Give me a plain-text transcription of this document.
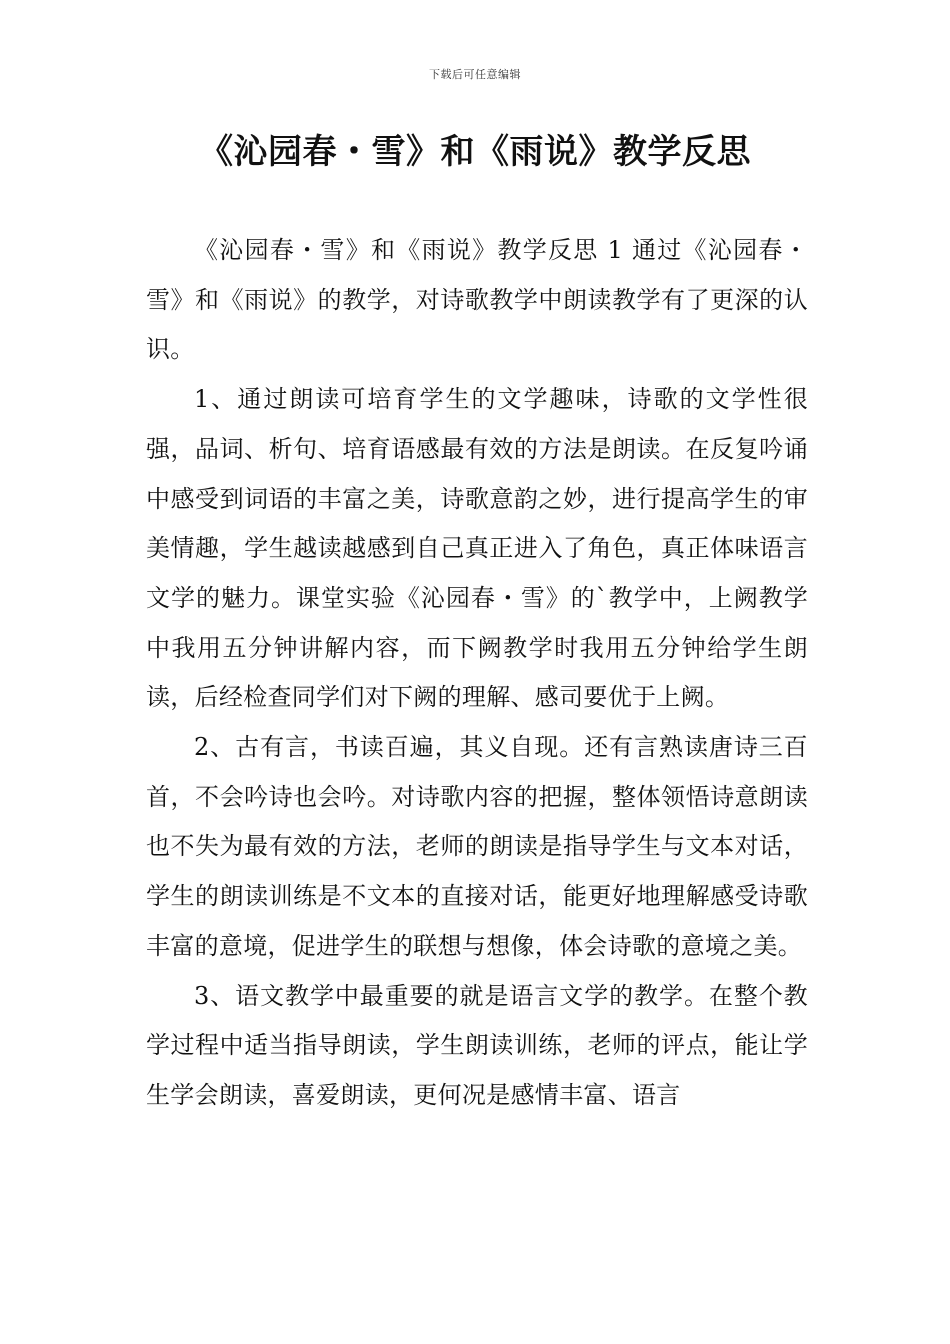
下载后可任意编辑
《沁园春・雪》和《雨说》教学反思

《沁园春・雪》和《雨说》教学反思 1 通过《沁园春・雪》和《雨说》的教学，对诗歌教学中朗读教学有了更深的认识。

1、通过朗读可培育学生的文学趣味，诗歌的文学性很强，品词、析句、培育语感最有效的方法是朗读。在反复吟诵中感受到词语的丰富之美，诗歌意韵之妙，进行提高学生的审美情趣，学生越读越感到自己真正进入了角色，真正体味语言文学的魅力。课堂实验《沁园春・雪》的`教学中，上阙教学中我用五分钟讲解内容，而下阙教学时我用五分钟给学生朗读，后经检查同学们对下阙的理解、感司要优于上阙。

2、古有言，书读百遍，其义自现。还有言熟读唐诗三百首，不会吟诗也会吟。对诗歌内容的把握，整体领悟诗意朗读也不失为最有效的方法，老师的朗读是指导学生与文本对话，学生的朗读训练是不文本的直接对话，能更好地理解感受诗歌丰富的意境，促进学生的联想与想像，体会诗歌的意境之美。

3、语文教学中最重要的就是语言文学的教学。在整个教学过程中适当指导朗读，学生朗读训练，老师的评点，能让学生学会朗读，喜爱朗读，更何况是感情丰富、语言
